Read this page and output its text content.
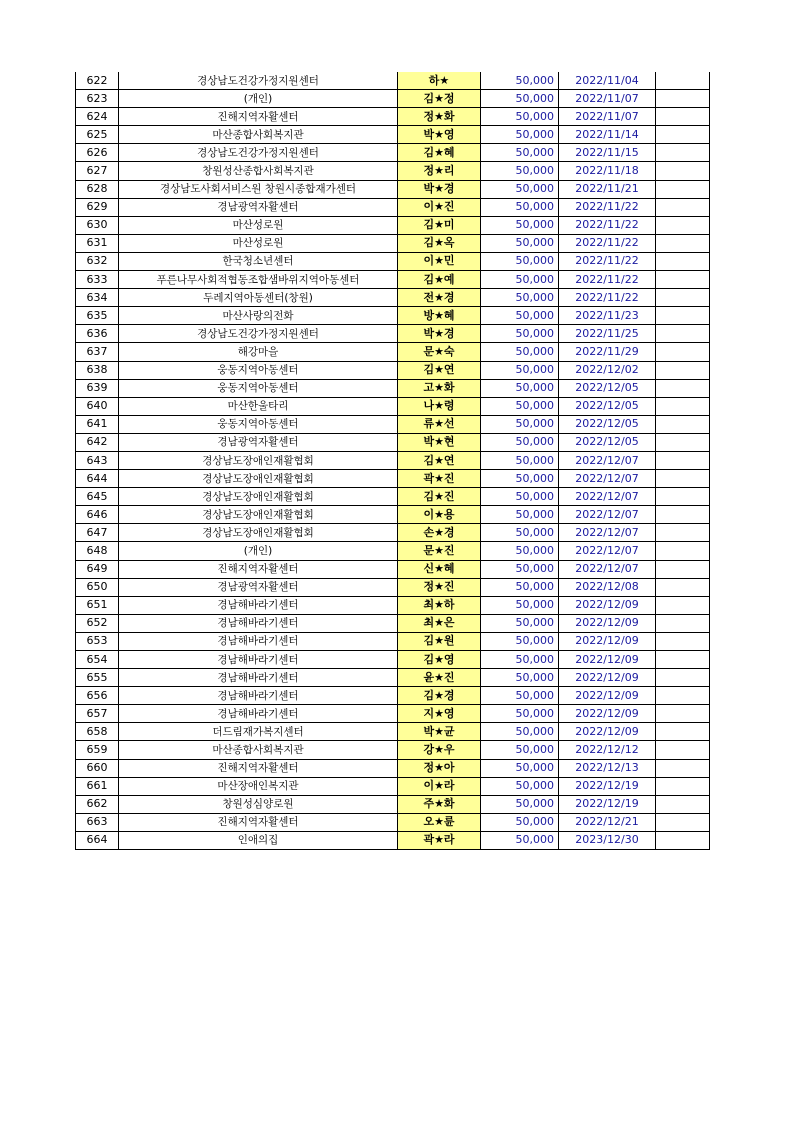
622	경상남도건강가정지원센터	하★	50,000	2022/11/04	
623	(개인)	김★정	50,000	2022/11/07	
624	진해지역자활센터	정★화	50,000	2022/11/07	
625	마산종합사회복지관	박★영	50,000	2022/11/14	
626	경상남도건강가정지원센터	김★혜	50,000	2022/11/15	
627	창원성산종합사회복지관	정★리	50,000	2022/11/18	
628	경상남도사회서비스원 창원시종합재가센터	박★경	50,000	2022/11/21	
629	경남광역자활센터	이★진	50,000	2022/11/22	
630	마산성로원	김★미	50,000	2022/11/22	
631	마산성로원	김★옥	50,000	2022/11/22	
632	한국청소년센터	이★민	50,000	2022/11/22	
633	푸른나무사회적협동조합샘바위지역아동센터	김★예	50,000	2022/11/22	
634	두레지역아동센터(창원)	전★경	50,000	2022/11/22	
635	마산사랑의전화	방★혜	50,000	2022/11/23	
636	경상남도건강가정지원센터	박★경	50,000	2022/11/25	
637	해강마을	문★숙	50,000	2022/11/29	
638	웅동지역아동센터	김★연	50,000	2022/12/02	
639	웅동지역아동센터	고★화	50,000	2022/12/05	
640	마산한울타리	나★령	50,000	2022/12/05	
641	웅동지역아동센터	류★선	50,000	2022/12/05	
642	경남광역자활센터	박★현	50,000	2022/12/05	
643	경상남도장애인재활협회	김★연	50,000	2022/12/07	
644	경상남도장애인재활협회	곽★진	50,000	2022/12/07	
645	경상남도장애인재활협회	김★진	50,000	2022/12/07	
646	경상남도장애인재활협회	이★용	50,000	2022/12/07	
647	경상남도장애인재활협회	손★경	50,000	2022/12/07	
648	(개인)	문★진	50,000	2022/12/07	
649	진해지역자활센터	신★혜	50,000	2022/12/07	
650	경남광역자활센터	정★진	50,000	2022/12/08	
651	경남해바라기센터	최★하	50,000	2022/12/09	
652	경남해바라기센터	최★은	50,000	2022/12/09	
653	경남해바라기센터	김★원	50,000	2022/12/09	
654	경남해바라기센터	김★영	50,000	2022/12/09	
655	경남해바라기센터	윤★진	50,000	2022/12/09	
656	경남해바라기센터	김★경	50,000	2022/12/09	
657	경남해바라기센터	지★영	50,000	2022/12/09	
658	더드림재가복지센터	박★균	50,000	2022/12/09	
659	마산종합사회복지관	강★우	50,000	2022/12/12	
660	진해지역자활센터	정★아	50,000	2022/12/13	
661	마산장애인복지관	이★라	50,000	2022/12/19	
662	창원성심양로원	주★화	50,000	2022/12/19	
663	진해지역자활센터	오★륜	50,000	2022/12/21	
664	인애의집	곽★라	50,000	2023/12/30	
